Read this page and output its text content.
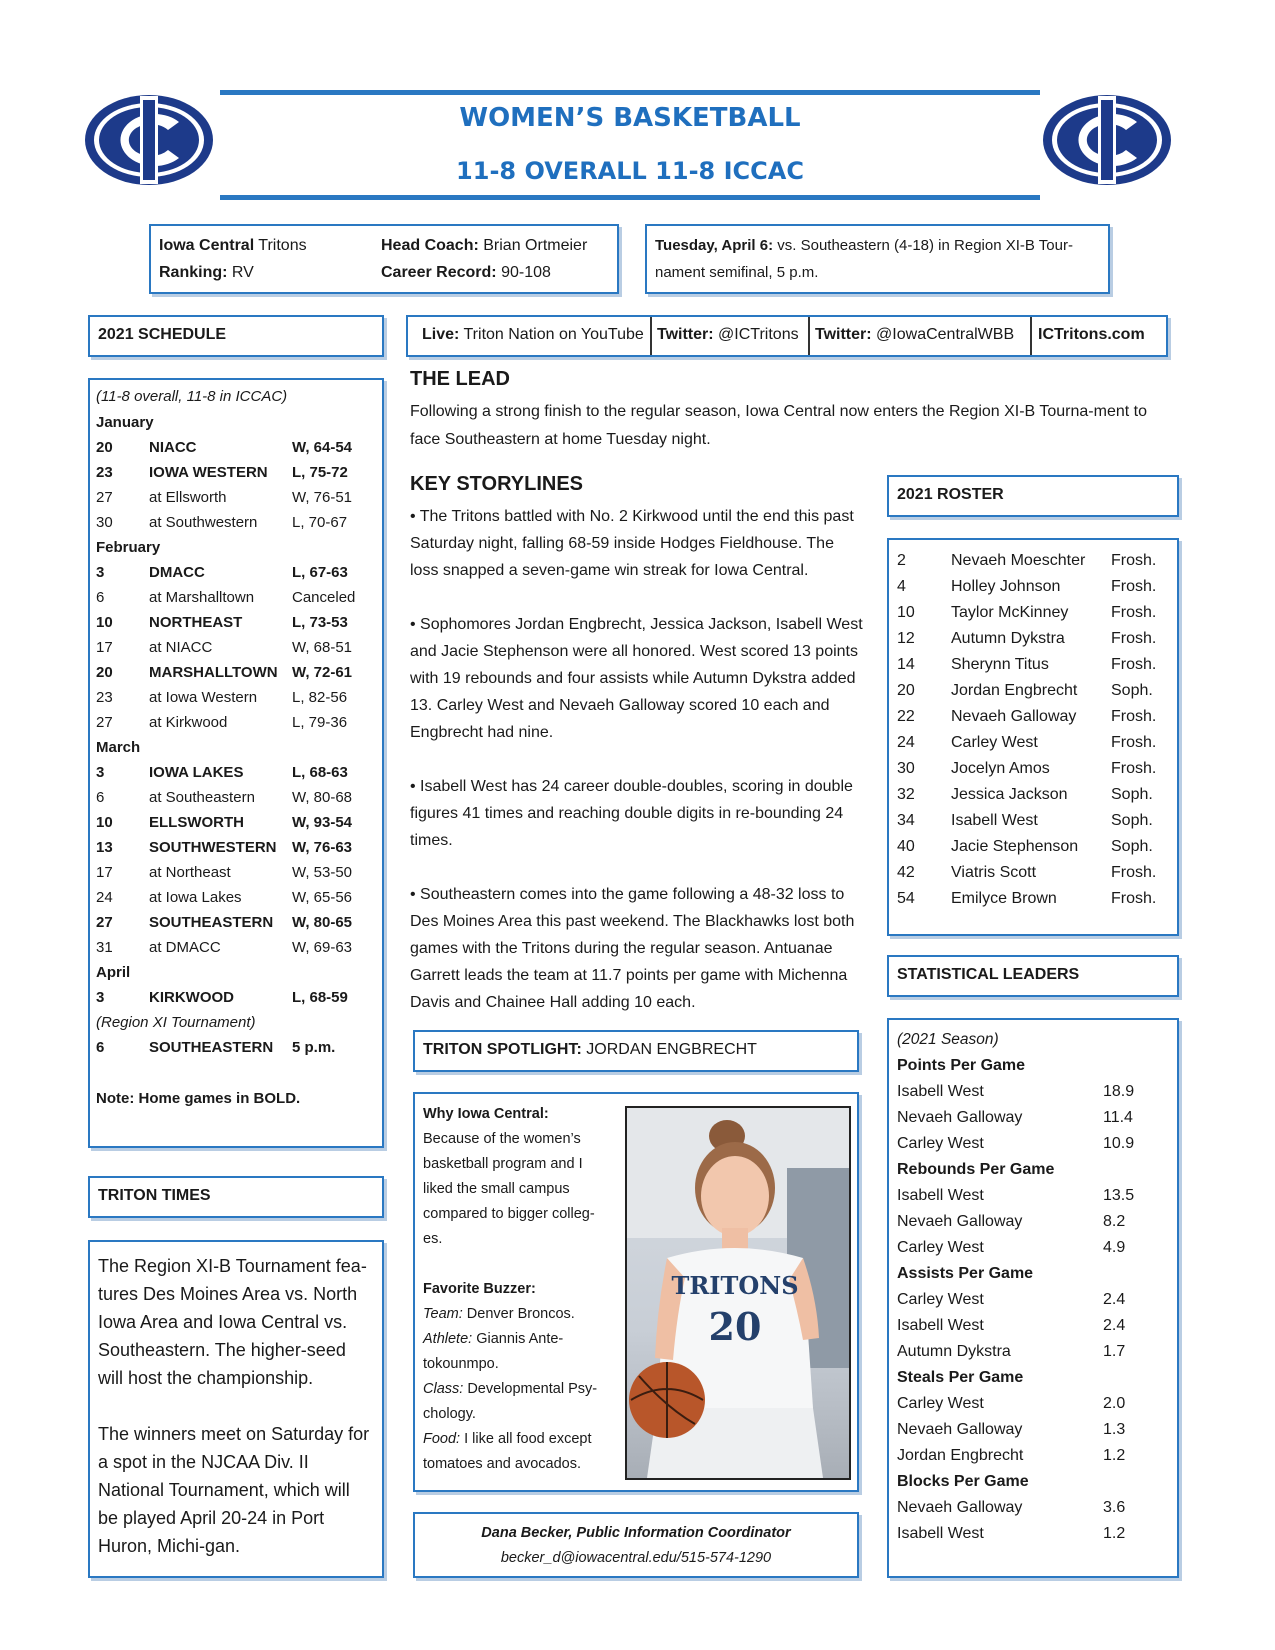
WOMEN’S BASKETBALL
11-8 OVERALL 11-8 ICCAC
Iowa Central Tritons
Ranking: RV
Head Coach: Brian Ortmeier
Career Record: 90-108
Tuesday, April 6: vs. Southeastern (4-18) in Region XI-B Tour-
nament semifinal, 5 p.m.
2021 SCHEDULE
(11-8 overall, 11-8 in ICCAC)
January
20	NIACC	W, 64-54
23	IOWA WESTERN	L, 75-72
27	at Ellsworth	W, 76-51
30	at Southwestern	L, 70-67
February
3	DMACC	L, 67-63
6	at Marshalltown	Canceled
10	NORTHEAST	L, 73-53
17	at NIACC	W, 68-51
20	MARSHALLTOWN W, 72-61
23	at Iowa Western	L, 82-56
27	at Kirkwood	L, 79-36
March
3	IOWA LAKES	L, 68-63
6	at Southeastern	W, 80-68
10	ELLSWORTH	W, 93-54
13	SOUTHWESTERN	W, 76-63
17	at Northeast	W, 53-50
24	at Iowa Lakes	W, 65-56
27	SOUTHEASTERN	W, 80-65
31	at DMACC	W, 69-63
April
3	KIRKWOOD	L, 68-59
(Region XI Tournament)
6	SOUTHEASTERN	5 p.m.
Note: Home games in BOLD.
TRITON TIMES

The Region XI-B Tournament fea-tures Des Moines Area vs. North Iowa Area and Iowa Central vs. Southeastern. The higher-seed will host the championship.

The winners meet on Saturday for a spot in the NJCAA Div. II National Tournament, which will be played April 20-24 in Port Huron, Michi-gan.

Live: Triton Nation on YouTube Twitter: @ICTritons	Twitter: @IowaCentralWBB	ICTritons.com
THE LEAD
Following a strong finish to the regular season, Iowa Central now enters the Region XI-B Tourna-ment to face Southeastern at home Tuesday night.
KEY STORYLINES

• The Tritons battled with No. 2 Kirkwood until the end this past Saturday night, falling 68-59 inside Hodges Fieldhouse. The loss snapped a seven-game win streak for Iowa Central.

• Sophomores Jordan Engbrecht, Jessica Jackson, Isabell West and Jacie Stephenson were all honored. West scored 13 points with 19 rebounds and four assists while Autumn Dykstra added 13. Carley West and Nevaeh Galloway scored 10 each and Engbrecht had nine.

• Isabell West has 24 career double-doubles, scoring in double figures 41 times and reaching double digits in re-bounding 24 times.

• Southeastern comes into the game following a 48-32 loss to Des Moines Area this past weekend. The Blackhawks lost both games with the Tritons during the regular season. Antuanae Garrett leads the team at 11.7 points per game with Michenna Davis and Chainee Hall adding 10 each.

TRITON SPOTLIGHT: JORDAN ENGBRECHT
Why Iowa Central:
Because of the women’s basketball program and I liked the small campus compared to bigger colleg-es.
Favorite Buzzer:
Team: Denver Broncos.
Athlete: Giannis Ante-tokounmpo.
Class: Developmental Psy-chology.
Food: I like all food except tomatoes and avocados.
TRITONS
20
Dana Becker, Public Information Coordinator
becker_d@iowacentral.edu/515-574-1290
2021 ROSTER
2	Nevaeh Moeschter	Frosh.
4	Holley Johnson	Frosh.
10	Taylor McKinney	Frosh.
12	Autumn Dykstra	Frosh.
14	Sherynn Titus	Frosh.
20	Jordan Engbrecht	Soph.
22	Nevaeh Galloway	Frosh.
24	Carley West	Frosh.
30	Jocelyn Amos	Frosh.
32	Jessica Jackson	Soph.
34	Isabell West	Soph.
40	Jacie Stephenson	Soph.
42	Viatris Scott	Frosh.
54	Emilyce Brown	Frosh.
STATISTICAL LEADERS
(2021 Season)
Points Per Game
Isabell West	18.9
Nevaeh Galloway	11.4
Carley West	10.9
Rebounds Per Game
Isabell West	13.5
Nevaeh Galloway	8.2
Carley West	4.9
Assists Per Game
Carley West	2.4
Isabell West	2.4
Autumn Dykstra	1.7
Steals Per Game
Carley West	2.0
Nevaeh Galloway	1.3
Jordan Engbrecht	1.2
Blocks Per Game
Nevaeh Galloway	3.6
Isabell West	1.2
